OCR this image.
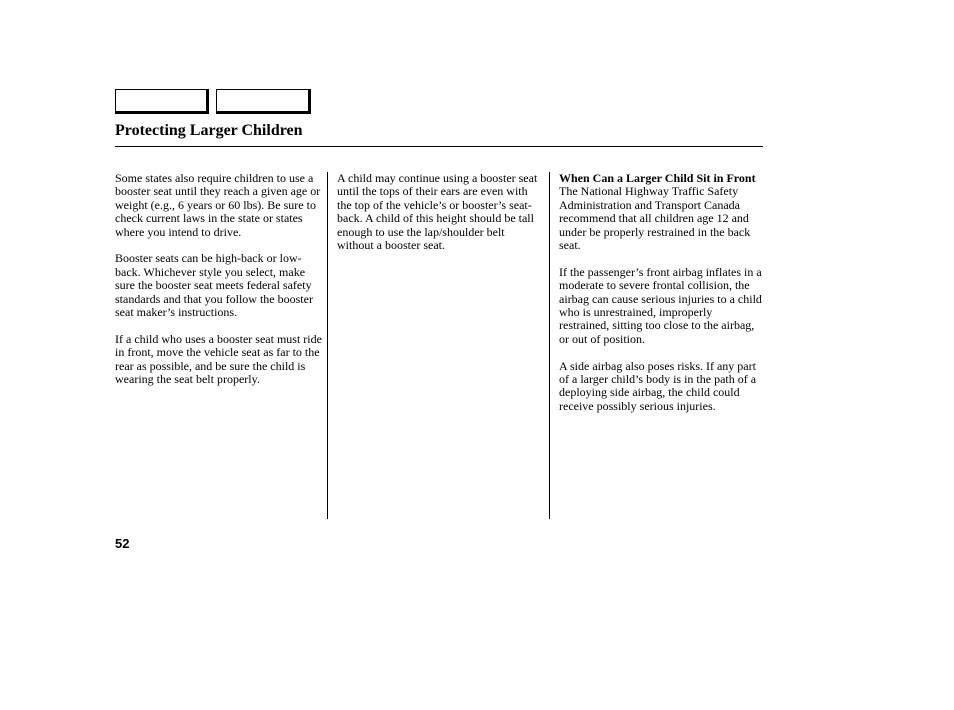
Protecting Larger Children

Some states also require children to use a booster seat until they reach a given age or weight (e.g., 6 years or 60 lbs). Be sure to check current laws in the state or states where you intend to drive.

Booster seats can be high-back or low-back. Whichever style you select, make sure the booster seat meets federal safety standards and that you follow the booster seat maker’s instructions.

If a child who uses a booster seat must ride in front, move the vehicle seat as far to the rear as possible, and be sure the child is wearing the seat belt properly.

A child may continue using a booster seat until the tops of their ears are even with the top of the vehicle’s or booster’s seat-back. A child of this height should be tall enough to use the lap/shoulder belt without a booster seat.

When Can a Larger Child Sit in Front

The National Highway Traffic Safety Administration and Transport Canada recommend that all children age 12 and under be properly restrained in the back seat.

If the passenger’s front airbag inflates in a moderate to severe frontal collision, the airbag can cause serious injuries to a child who is unrestrained, improperly restrained, sitting too close to the airbag, or out of position.

A side airbag also poses risks. If any part of a larger child’s body is in the path of a deploying side airbag, the child could receive possibly serious injuries.

52
